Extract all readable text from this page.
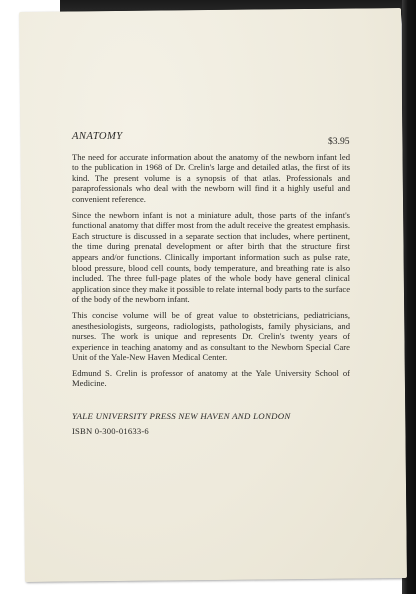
$3.95
ANATOMY

The need for accurate information about the anatomy of the newborn infant led to the publication in 1968 of Dr. Crelin's large and detailed atlas, the first of its kind. The present volume is a synopsis of that atlas. Professionals and paraprofessionals who deal with the newborn will find it a highly useful and convenient reference.

Since the newborn infant is not a miniature adult, those parts of the infant's functional anatomy that differ most from the adult receive the greatest emphasis. Each structure is discussed in a separate section that includes, where pertinent, the time during prenatal development or after birth that the structure first appears and/or functions. Clinically important information such as pulse rate, blood pressure, blood cell counts, body temperature, and breathing rate is also included. The three full-page plates of the whole body have general clinical application since they make it possible to relate internal body parts to the surface of the body of the newborn infant.

This concise volume will be of great value to obstetricians, pediatricians, anesthesiologists, surgeons, radiologists, pathologists, family physicians, and nurses. The work is unique and represents Dr. Crelin's twenty years of experience in teaching anatomy and as consultant to the Newborn Special Care Unit of the Yale-New Haven Medical Center.

Edmund S. Crelin is professor of anatomy at the Yale University School of Medicine.

YALE UNIVERSITY PRESS NEW HAVEN AND LONDON
ISBN 0-300-01633-6
